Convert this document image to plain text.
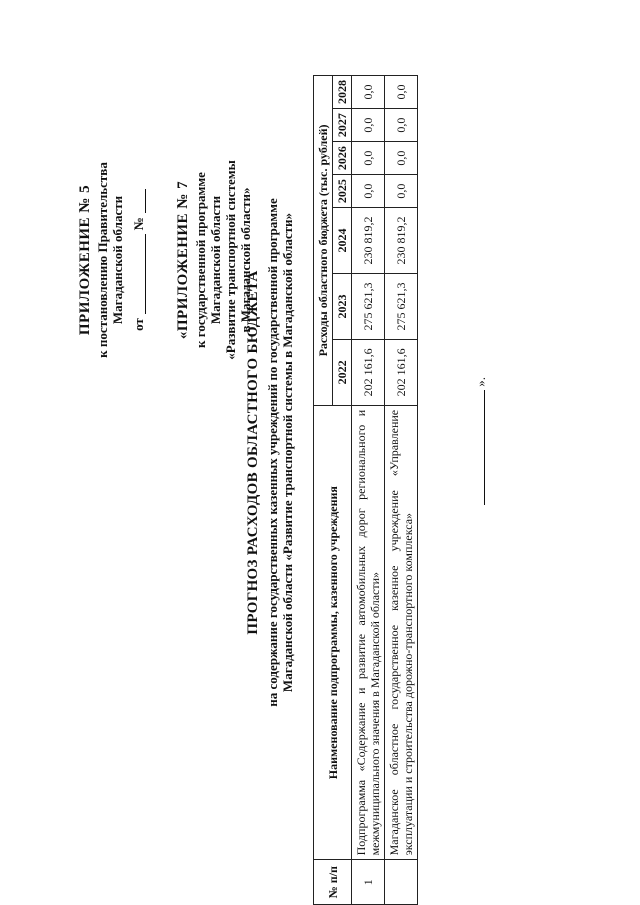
ПРИЛОЖЕНИЕ № 5 к постановлению Правительства Магаданской области
от
№ «ПРИЛОЖЕНИЕ № 7 к государственной программе Магаданской области «Развитие транспортной системы в Магаданской области»
ПРОГНОЗ РАСХОДОВ ОБЛАСТНОГО БЮДЖЕТА на содержание государственных казенных учреждений по государственной программе Магаданской области «Развитие транспортной системы в Магаданской области»
№ п/п	Наименование подпрограммы, казенного учреждения	Расходы областного бюджета (тыс. рублей)						
		2022	2023	2024	2025	2026	2027	2028
1	Подпрограмма «Содержание и развитие автомобильных дорог регионального и межмуниципального значения в Магаданской области»	202 161,6	275 621,3	230 819,2	0,0	0,0	0,0	0,0
	Магаданское областное государственное казенное учреждение «Управление эксплуатации и строительства дорожно-транспортного комплекса»	202 161,6	275 621,3	230 819,2	0,0	0,0	0,0	0,0
».
